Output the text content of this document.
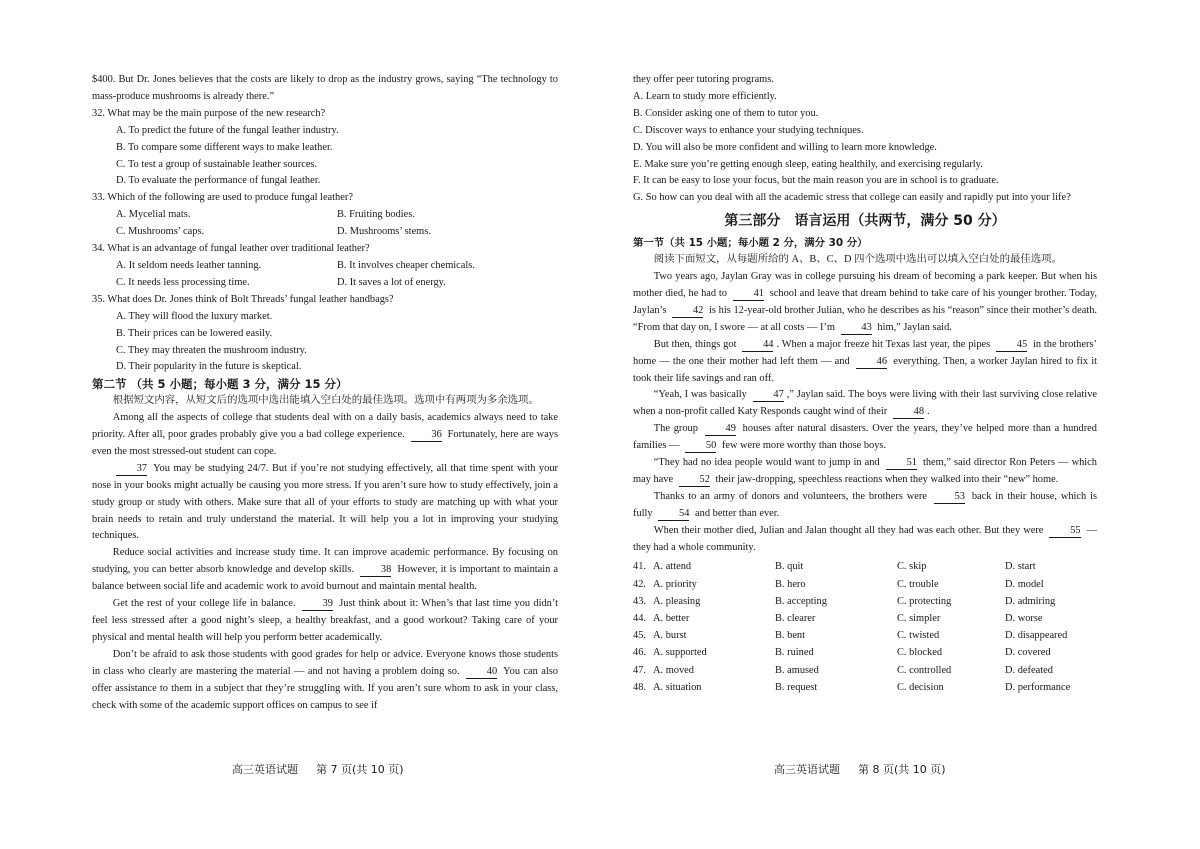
$400. But Dr. Jones believes that the costs are likely to drop as the industry grows, saying “The technology to mass-produce mushrooms is already there.”

32. What may be the main purpose of the new research?

A. To predict the future of the fungal leather industry.

B. To compare some different ways to make leather.

C. To test a group of sustainable leather sources.

D. To evaluate the performance of fungal leather.

33. Which of the following are used to produce fungal leather?

A. Mycelial mats.	B. Fruiting bodies.
C. Mushrooms’ caps.	D. Mushrooms’ stems.

34. What is an advantage of fungal leather over traditional leather?

A. It seldom needs leather tanning.	B. It involves cheaper chemicals.
C. It needs less processing time.	D. It saves a lot of energy.

35. What does Dr. Jones think of Bolt Threads’ fungal leather handbags?

A. They will flood the luxury market.

B. Their prices can be lowered easily.

C. They may threaten the mushroom industry.

D. Their popularity in the future is skeptical.

第二节 （共 5 小题；每小题 3 分，满分 15 分）

根据短文内容，从短文后的选项中选出能填入空白处的最佳选项。选项中有两项为多余选项。

Among all the aspects of college that students deal with on a daily basis, academics always need to take priority. After all, poor grades probably give you a bad college experience.	36 Fortunately, here are ways even the most stressed-out student can cope.

37 You may be studying 24/7. But if you’re not studying effectively, all that time spent with your nose in your books might actually be causing you more stress. If you aren’t sure how to study effectively, join a study group or study with others. Make sure that all of your efforts to study are matching up with what your brain needs to retain and truly understand the material. It will help you a lot in improving your studying techniques.

Reduce social activities and increase study time. It can improve academic performance. By focusing on studying, you can better absorb knowledge and develop skills.	38 However, it is important to maintain a balance between social life and academic work to avoid burnout and maintain mental health.

Get the rest of your college life in balance.	39 Just think about it: When’s that last time you didn’t feel less stressed after a good night’s sleep, a healthy breakfast, and a good workout? Taking care of your physical and mental health will help you perform better academically.

Don’t be afraid to ask those students with good grades for help or advice. Everyone knows those students in class who clearly are mastering the material — and not having a problem doing so.	40 You can also offer assistance to them in a subject that they’re struggling with. If you aren’t sure whom to ask in your class, check with some of the academic support offices on campus to see if

they offer peer tutoring programs.

A. Learn to study more efficiently.

B. Consider asking one of them to tutor you.

C. Discover ways to enhance your studying techniques.

D. You will also be more confident and willing to learn more knowledge.

E. Make sure you’re getting enough sleep, eating healthily, and exercising regularly.

F. It can be easy to lose your focus, but the main reason you are in school is to graduate.

G. So how can you deal with all the academic stress that college can easily and rapidly put into your life?

第三部分　语言运用（共两节，满分 50 分）

第一节（共 15 小题；每小题 2 分，满分 30 分）

阅读下面短文，从每题所给的 A、B、C、D 四个选项中选出可以填入空白处的最佳选项。

Two years ago, Jaylan Gray was in college pursuing his dream of becoming a park keeper. But when his mother died, he had to	41 school and leave that dream behind to take care of his younger brother. Today, Jaylan’s	42 is his 12-year-old brother Julian, who he describes as his “reason” since their mother’s death. “From that day on, I swore — at all costs — I’m	43 him,” Jaylan said.

But then, things got	44 . When a major freeze hit Texas last year, the pipes	45 in the brothers’ home — the one their mother had left them — and	46 everything. Then, a worker Jaylan hired to fix it took their life savings and ran off.

“Yeah, I was basically	47 ,” Jaylan said. The boys were living with their last surviving close relative when a non-profit called Katy Responds caught wind of their	48 .

The group	49 houses after natural disasters. Over the years, they’ve helped more than a hundred families —	50 few were more worthy than those boys.

“They had no idea people would want to jump in and	51 them,” said director Ron Peters — which may have	52 their jaw-dropping, speechless reactions when they walked into their “new” home.

Thanks to an army of donors and volunteers, the brothers were	53 back in their house, which is fully	54 and better than ever.

When their mother died, Julian and Jalan thought all they had was each other. But they were	55 — they had a whole community.

41. A. attend	B. quit	C. skip	D. start
42. A. priority	B. hero	C. trouble	D. model
43. A. pleasing	B. accepting	C. protecting	D. admiring
44. A. better	B. clearer	C. simpler	D. worse
45. A. burst	B. bent	C. twisted	D. disappeared
46. A. supported	B. ruined	C. blocked	D. covered
47. A. moved	B. amused	C. controlled	D. defeated
48. A. situation	B. request	C. decision	D. performance
高三英语试题 第 7 页(共 10 页)	高三英语试题 第 8 页(共 10 页)
